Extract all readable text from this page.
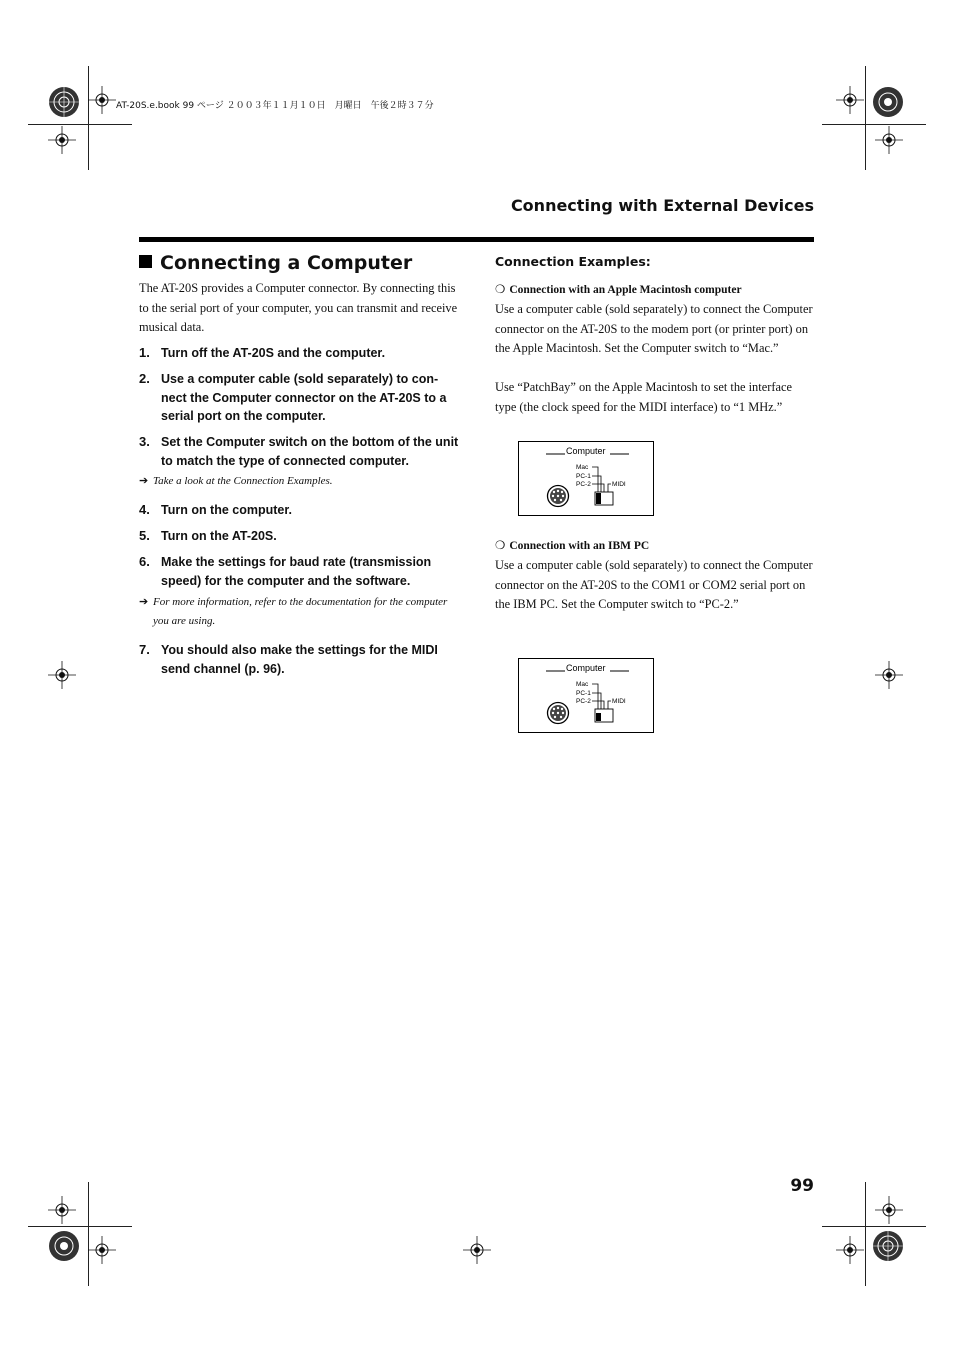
AT-20S.e.book 99 ページ ２００３年１１月１０日　月曜日　午後２時３７分
Connecting with External Devices
Connecting a Computer
The AT-20S provides a Computer connector. By connecting this to the serial port of your computer, you can transmit and receive musical data.
1. Turn off the AT-20S and the computer.
2. Use a computer cable (sold separately) to con-nect the Computer connector on the AT-20S to a serial port on the computer.
3. Set the Computer switch on the bottom of the unit to match the type of connected computer.
➔ Take a look at the Connection Examples.
4. Turn on the computer.
5. Turn on the AT-20S.
6. Make the settings for baud rate (transmission speed) for the computer and the software.
➔ For more information, refer to the documentation for the computer you are using.
7. You should also make the settings for the MIDI send channel (p. 96).
Connection Examples:
❍ Connection with an Apple Macintosh computer
Use a computer cable (sold separately) to connect the Computer connector on the AT-20S to the modem port (or printer port) on the Apple Macintosh. Set the Computer switch to “Mac.”
Use “PatchBay” on the Apple Macintosh to set the interface type (the clock speed for the MIDI interface) to “1 MHz.”
Computer
Mac
PC-1
PC-2	MIDI
❍ Connection with an IBM PC
Use a computer cable (sold separately) to connect the Computer connector on the AT-20S to the COM1 or COM2 serial port on the IBM PC. Set the Computer switch to “PC-2.”
Computer
Mac
PC-1
PC-2	MIDI
99
